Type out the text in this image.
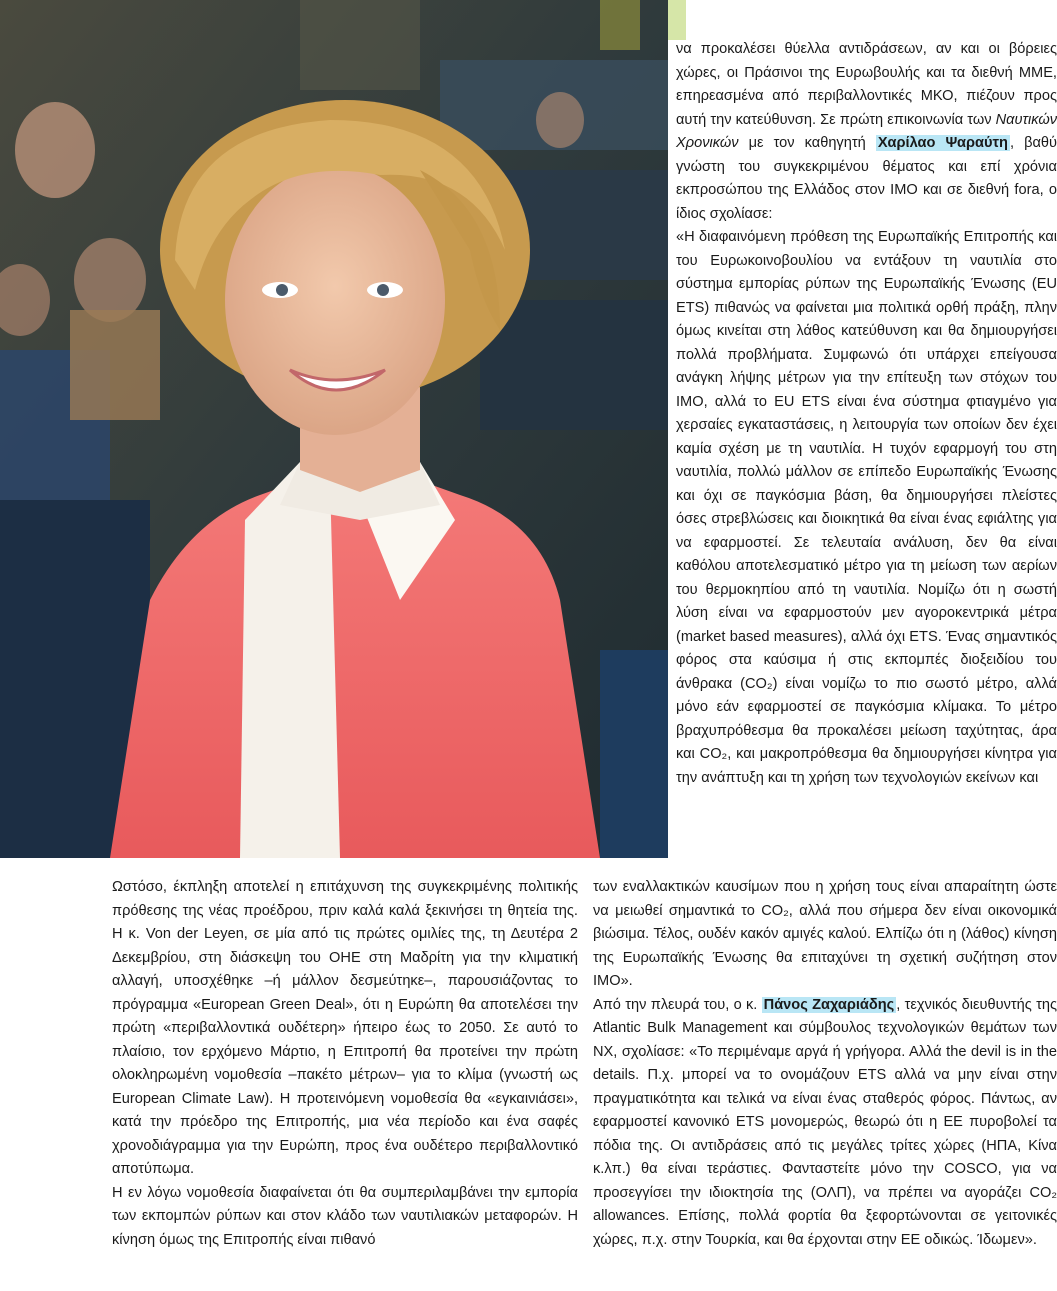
να προκαλέσει θύελλα αντιδράσεων, αν και οι βόρειες χώρες, οι Πράσινοι της Ευρωβουλής και τα διεθνή ΜΜΕ, επηρεασμένα από περιβαλλοντικές ΜΚΟ, πιέζουν προς αυτή την κατεύθυνση. Σε πρώτη επικοινωνία των Ναυτικών Χρονικών με τον καθηγητή Χαρίλαο Ψαραύτη , βαθύ γνώστη του συγκεκριμένου θέματος και επί χρόνια εκπροσώπου της Ελλάδος στον ΙΜΟ και σε διεθνή fora, ο ίδιος σχολίασε:

«Η διαφαινόμενη πρόθεση της Ευρωπαϊκής Επιτροπής και του Ευρωκοινοβουλίου να εντάξουν τη ναυτιλία στο σύστημα εμπορίας ρύπων της Ευρωπαϊκής Ένωσης (EU ETS) πιθανώς να φαίνεται μια πολιτικά ορθή πράξη, πλην όμως κινείται στη λάθος κατεύθυνση και θα δημιουργήσει πολλά προβλήματα. Συμφωνώ ότι υπάρχει επείγουσα ανάγκη λήψης μέτρων για την επίτευξη των στόχων του ΙΜΟ, αλλά το EU ETS είναι ένα σύστημα φτιαγμένο για χερσαίες εγκαταστάσεις, η λειτουργία των οποίων δεν έχει καμία σχέση με τη ναυτιλία. Η τυχόν εφαρμογή του στη ναυτιλία, πολλώ μάλλον σε επίπεδο Ευρωπαϊκής Ένωσης και όχι σε παγκόσμια βάση, θα δημιουργήσει πλείστες όσες στρεβλώσεις και διοικητικά θα είναι ένας εφιάλτης για να εφαρμοστεί. Σε τελευταία ανάλυση, δεν θα είναι καθόλου αποτελεσματικό μέτρο για τη μείωση των αερίων του θερμοκηπίου από τη ναυτιλία. Νομίζω ότι η σωστή λύση είναι να εφαρμοστούν μεν αγοροκεντρικά μέτρα (market based measures), αλλά όχι ETS. Ένας σημαντικός φόρος στα καύσιμα ή στις εκπομπές διοξειδίου του άνθρακα (CO₂) είναι νομίζω το πιο σωστό μέτρο, αλλά μόνο εάν εφαρμοστεί σε παγκόσμια κλίμακα. Το μέτρο βραχυπρόθεσμα θα προκαλέσει μείωση ταχύτητας, άρα και CO₂, και μακροπρόθεσμα θα δημιουργήσει κίνητρα για την ανάπτυξη και τη χρήση των τεχνολογιών εκείνων και

των εναλλακτικών καυσίμων που η χρήση τους είναι απαραίτητη ώστε να μειωθεί σημαντικά το CO₂, αλλά που σήμερα δεν είναι οικονομικά βιώσιμα. Τέλος, ουδέν κακόν αμιγές καλού. Ελπίζω ότι η (λάθος) κίνηση της Ευρωπαϊκής Ένωσης θα επιταχύνει τη σχετική συζήτηση στον ΙΜΟ».

Από την πλευρά του, ο κ. Πάνος Ζαχαριάδης , τεχνικός διευθυντής της Atlantic Bulk Management και σύμβουλος τεχνολογικών θεμάτων των ΝΧ, σχολίασε: «Το περιμέναμε αργά ή γρήγορα. Αλλά the devil is in the details. Π.χ. μπορεί να το ονομάζουν ETS αλλά να μην είναι στην πραγματικότητα και τελικά να είναι ένας σταθερός φόρος. Πάντως, αν εφαρμοστεί κανονικό ETS μονομερώς, θεωρώ ότι η ΕΕ πυροβολεί τα πόδια της. Οι αντιδράσεις από τις μεγάλες τρίτες χώρες (ΗΠΑ, Κίνα κ.λπ.) θα είναι τεράστιες. Φανταστείτε μόνο την COSCO, για να προσεγγίσει την ιδιοκτησία της (ΟΛΠ), να πρέπει να αγοράζει CO₂ allowances. Επίσης, πολλά φορτία θα ξεφορτώνονται σε γειτονικές χώρες, π.χ. στην Τουρκία, και θα έρχονται στην ΕΕ οδικώς. Ίδωμεν».

Ωστόσο, έκπληξη αποτελεί η επιτάχυνση της συγκεκριμένης πολιτικής πρόθεσης της νέας προέδρου, πριν καλά καλά ξεκινήσει τη θητεία της. Η κ. Von der Leyen, σε μία από τις πρώτες ομιλίες της, τη Δευτέρα 2 Δεκεμβρίου, στη διάσκεψη του ΟΗΕ στη Μαδρίτη για την κλιματική αλλαγή, υποσχέθηκε –ή μάλλον δεσμεύτηκε–, παρουσιάζοντας το πρόγραμμα «European Green Deal», ότι η Ευρώπη θα αποτελέσει την πρώτη «περιβαλλοντικά ουδέτερη» ήπειρο έως το 2050. Σε αυτό το πλαίσιο, τον ερχόμενο Μάρτιο, η Επιτροπή θα προτείνει την πρώτη ολοκληρωμένη νομοθεσία –πακέτο μέτρων– για το κλίμα (γνωστή ως European Climate Law). Η προτεινόμενη νομοθεσία θα «εγκαινιάσει», κατά την πρόεδρο της Επιτροπής, μια νέα περίοδο και ένα σαφές χρονοδιάγραμμα για την Ευρώπη, προς ένα ουδέτερο περιβαλλοντικό αποτύπωμα.

Η εν λόγω νομοθεσία διαφαίνεται ότι θα συμπεριλαμβάνει την εμπορία των εκπομπών ρύπων και στον κλάδο των ναυτιλιακών μεταφορών. Η κίνηση όμως της Επιτροπής είναι πιθανό
